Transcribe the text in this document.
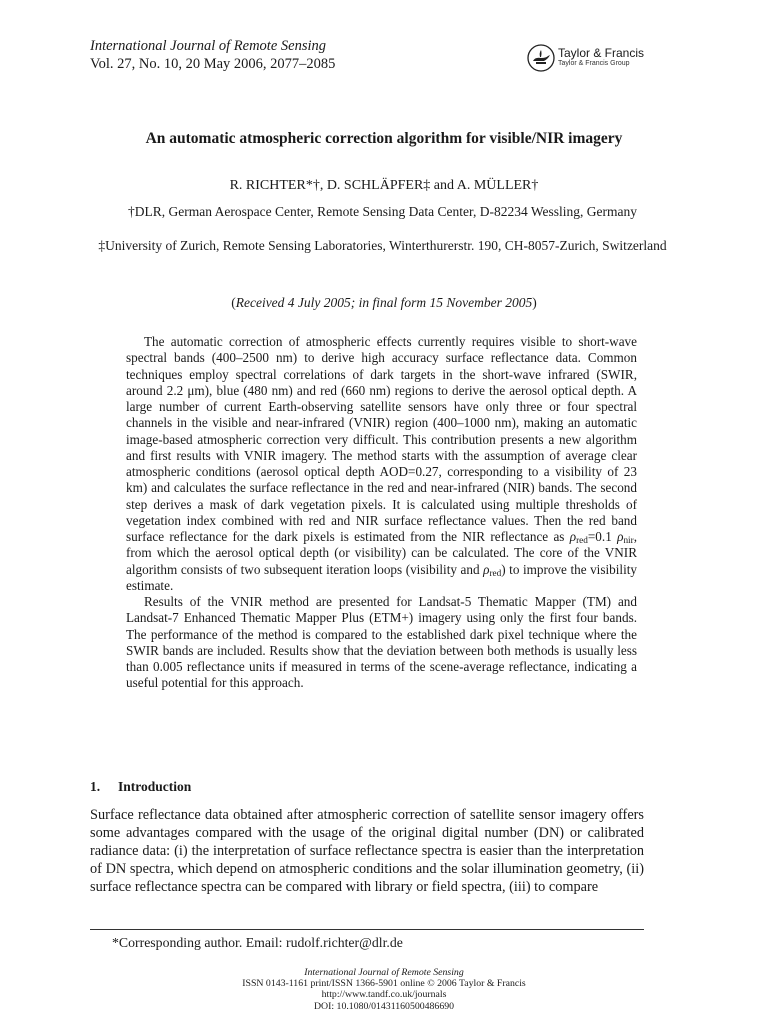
International Journal of Remote Sensing
Vol. 27, No. 10, 20 May 2006, 2077–2085
Taylor & Francis
Taylor & Francis Group
An automatic atmospheric correction algorithm for visible/NIR imagery
R. RICHTER*†, D. SCHLÄPFER‡ and A. MÜLLER†
†DLR, German Aerospace Center, Remote Sensing Data Center, D-82234 Wessling, Germany
‡University of Zurich, Remote Sensing Laboratories, Winterthurerstr. 190, CH-8057-Zurich, Switzerland
(Received 4 July 2005; in final form 15 November 2005)

The automatic correction of atmospheric effects currently requires visible to short-wave spectral bands (400–2500 nm) to derive high accuracy surface reflectance data. Common techniques employ spectral correlations of dark targets in the short-wave infrared (SWIR, around 2.2 μm), blue (480 nm) and red (660 nm) regions to derive the aerosol optical depth. A large number of current Earth-observing satellite sensors have only three or four spectral channels in the visible and near-infrared (VNIR) region (400–1000 nm), making an automatic image-based atmospheric correction very difficult. This contribution presents a new algorithm and first results with VNIR imagery. The method starts with the assumption of average clear atmospheric conditions (aerosol optical depth AOD=0.27, corresponding to a visibility of 23 km) and calculates the surface reflectance in the red and near-infrared (NIR) bands. The second step derives a mask of dark vegetation pixels. It is calculated using multiple thresholds of vegetation index combined with red and NIR surface reflectance values. Then the red band surface reflectance for the dark pixels is estimated from the NIR reflectance as $\rho_{red}=0.1$ $\rho_{nir}$, from which the aerosol optical depth (or visibility) can be calculated. The core of the VNIR algorithm consists of two subsequent iteration loops (visibility and $\rho_{red}$) to improve the visibility estimate.

Results of the VNIR method are presented for Landsat-5 Thematic Mapper (TM) and Landsat-7 Enhanced Thematic Mapper Plus (ETM+) imagery using only the first four bands. The performance of the method is compared to the established dark pixel technique where the SWIR bands are included. Results show that the deviation between both methods is usually less than 0.005 reflectance units if measured in terms of the scene-average reflectance, indicating a useful potential for this approach.

1. Introduction

Surface reflectance data obtained after atmospheric correction of satellite sensor imagery offers some advantages compared with the usage of the original digital number (DN) or calibrated radiance data: (i) the interpretation of surface reflectance spectra is easier than the interpretation of DN spectra, which depend on atmospheric conditions and the solar illumination geometry, (ii) surface reflectance spectra can be compared with library or field spectra, (iii) to compare

*Corresponding author. Email: rudolf.richter@dlr.de
International Journal of Remote Sensing
ISSN 0143-1161 print/ISSN 1366-5901 online © 2006 Taylor & Francis
http://www.tandf.co.uk/journals
DOI: 10.1080/01431160500486690
